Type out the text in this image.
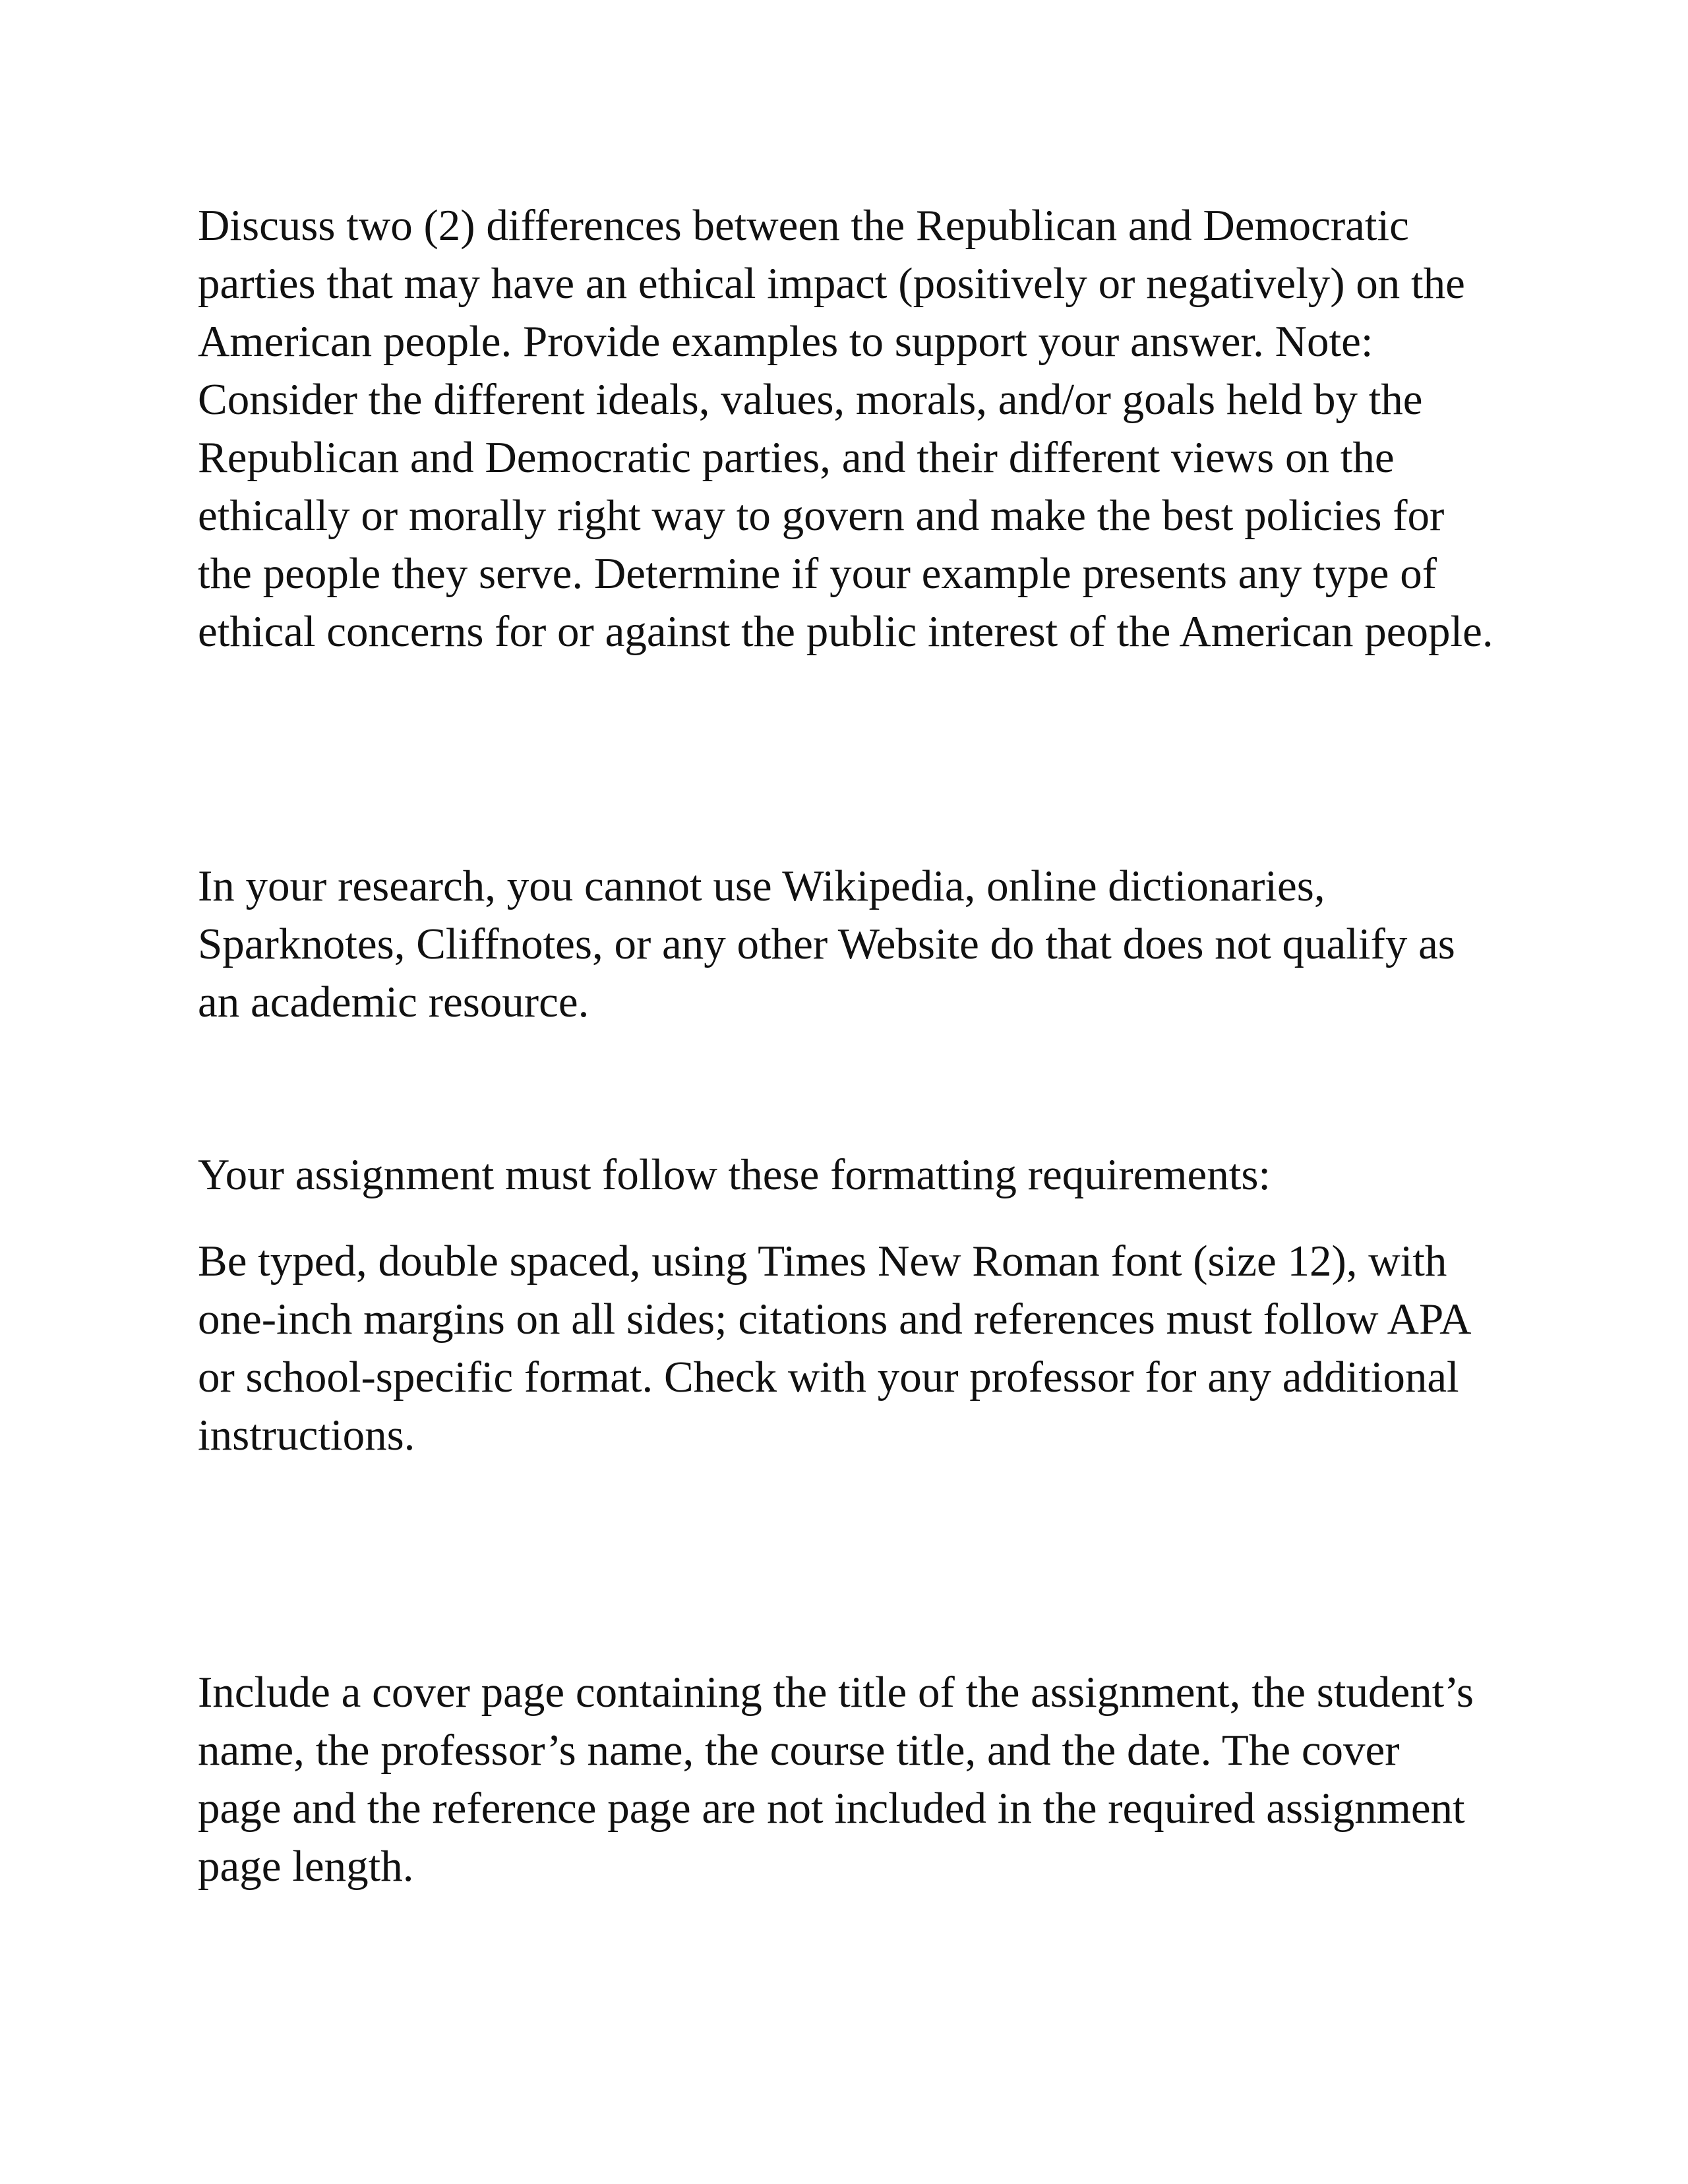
Discuss two (2) differences between the Republican and Democratic
parties that may have an ethical impact (positively or negatively) on the
American people. Provide examples to support your answer. Note:
Consider the different ideals, values, morals, and/or goals held by the
Republican and Democratic parties, and their different views on the
ethically or morally right way to govern and make the best policies for
the people they serve. Determine if your example presents any type of
ethical concerns for or against the public interest of the American people.

In your research, you cannot use Wikipedia, online dictionaries,
Sparknotes, Cliffnotes, or any other Website do that does not qualify as
an academic resource.

Your assignment must follow these formatting requirements:

Be typed, double spaced, using Times New Roman font (size 12), with
one-inch margins on all sides; citations and references must follow APA
or school-specific format. Check with your professor for any additional
instructions.

Include a cover page containing the title of the assignment, the student’s
name, the professor’s name, the course title, and the date. The cover
page and the reference page are not included in the required assignment
page length.
